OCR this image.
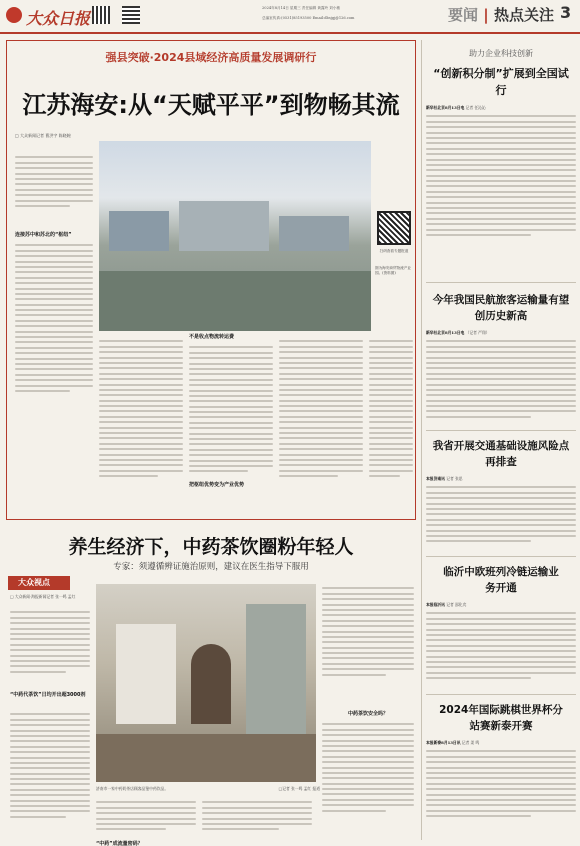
大众日报
2024年8月14日 星期三 责任编辑 黄露玲 刘小敏
总编室传真:(0531)85193500 Email:dbsjgj@126.com	要闻 | 热点关注 3
强县突破·2024县域经济高质量发展调研行
江苏海安:从“天赋平平”到物畅其流
□ 大众新闻记者 曹洪宇 陈晓婉
连接苏中和苏北的“枢纽”
扫码查看专题报道
图为海安商贸物流产业园。(资料图)
不是收点物流转运费
把枢纽优势变为产业优势
养生经济下，中药茶饮圈粉年轻人
专家：须遵循辨证施治原则，建议在医生指导下服用
大众视点
□ 大众新闻·海报新闻记者 张一鸣 孟红
“中药代茶饮”日均开出超3000剂
济南市一家中药奶茶店顾客品鉴中药饮品。	□记者 张一鸣 孟红 报道
“中药”成流量密码？
中药茶饮安全吗？
助力企业科技创新
“创新积分制”扩展到全国试行
新华社北京8月13日电 记者 任沁沁
今年我国民航旅客运输量有望创历史新高
新华社北京8月13日电 （记者 严翔）
我省开展交通基础设施风险点再排查
本报济南讯 记者 张思
临沂中欧班列冷链运输业务开通
本报临沂讯 记者 邵化宾
2024年国际跳棋世界杯分站赛新泰开赛
本报新泰8月13日讯 记者 姜 鸣
